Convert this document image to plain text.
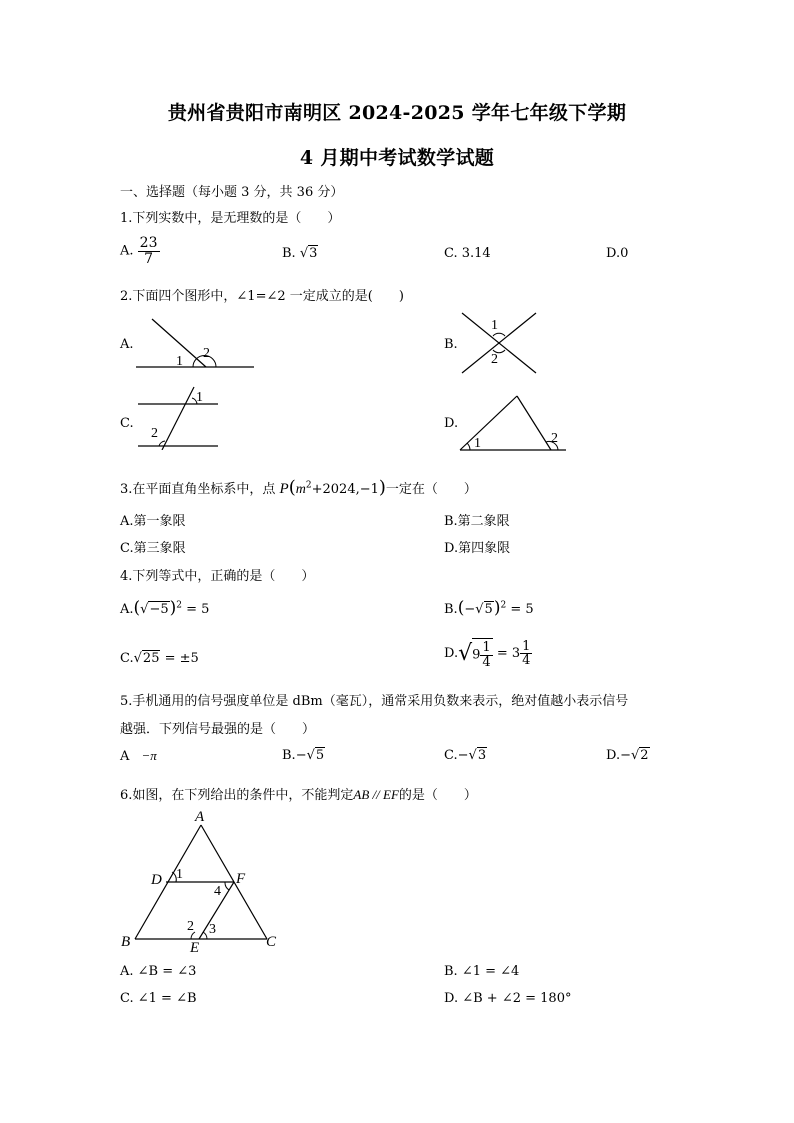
贵州省贵阳市南明区 2024-2025 学年七年级下学期
4 月期中考试数学试题
一、选择题（每小题 3 分，共 36 分）
1.下列实数中，是无理数的是（　　）
A. $\frac{23}{7}$	B. √3	C. 3.14	D.0
2.下面四个图形中，∠1=∠2 一定成立的是(　　)
A.
1
2
B.
1
2
C.
1
2
D.
1	2
3.在平面直角坐标系中，点 $P(m^2+2024,-1)$一定在（　　）
A.第一象限	B.第二象限
C.第三象限	D.第四象限
4.下列等式中，正确的是（　　）
$A.(√-5)^2 = 5$	$B.(-√5)^2 = 5$
C.√25 = ±5	$D.√9 \frac{1}{4} = 3 \frac{1}{4}$
5.手机通用的信号强度单位是 dBm（毫瓦），通常采用负数来表示，绝对值越小表示信号
越强．下列信号最强的是（　　）
A −π	B.−√5	C.−√3	D.−√2
6.如图，在下列给出的条件中，不能判定AB // EF的是（　　）
A
B	C
D
E
F
1
4
2 3
A. ∠B = ∠3	B. ∠1 = ∠4
C. ∠1 = ∠B	D. ∠B + ∠2 = 180°
